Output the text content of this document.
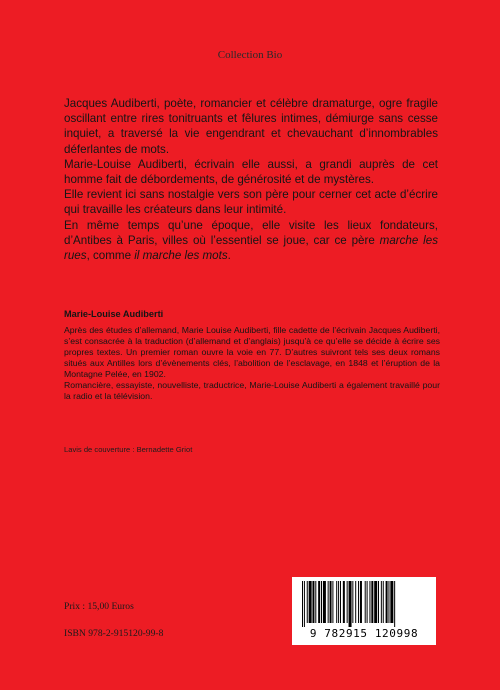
Collection Bio

Jacques Audiberti, poète, romancier et célèbre dramaturge, ogre fragile oscillant entre rires tonitruants et fêlures intimes, démiurge sans cesse inquiet, a traversé la vie engendrant et chevauchant d’innombrables déferlantes de mots.

Marie-Louise Audiberti, écrivain elle aussi, a grandi auprès de cet homme fait de débordements, de générosité et de mystères.

Elle revient ici sans nostalgie vers son père pour cerner cet acte d’écrire qui travaille les créateurs dans leur intimité.

En même temps qu’une époque, elle visite les lieux fondateurs, d’Antibes à Paris, villes où l’essentiel se joue, car ce père marche les rues, comme il marche les mots.

Marie-Louise Audiberti

Après des études d’allemand, Marie Louise Audiberti, fille cadette de l’écrivain Jacques Audiberti, s’est consacrée à la traduction (d’allemand et d’anglais) jusqu’à ce qu’elle se décide à écrire ses propres textes. Un premier roman ouvre la voie en 77. D’autres suivront tels ses deux romans situés aux Antilles lors d’évènements clés, l’abolition de l’esclavage, en 1848 et l’éruption de la Montagne Pelée, en 1902.

Romancière, essayiste, nouvelliste, traductrice, Marie-Louise Audiberti a également travaillé pour la radio et la télévision.

Lavis de couverture : Bernadette Griot
Prix : 15,00 Euros
ISBN 978-2-915120-99-8	9 782915 120998
